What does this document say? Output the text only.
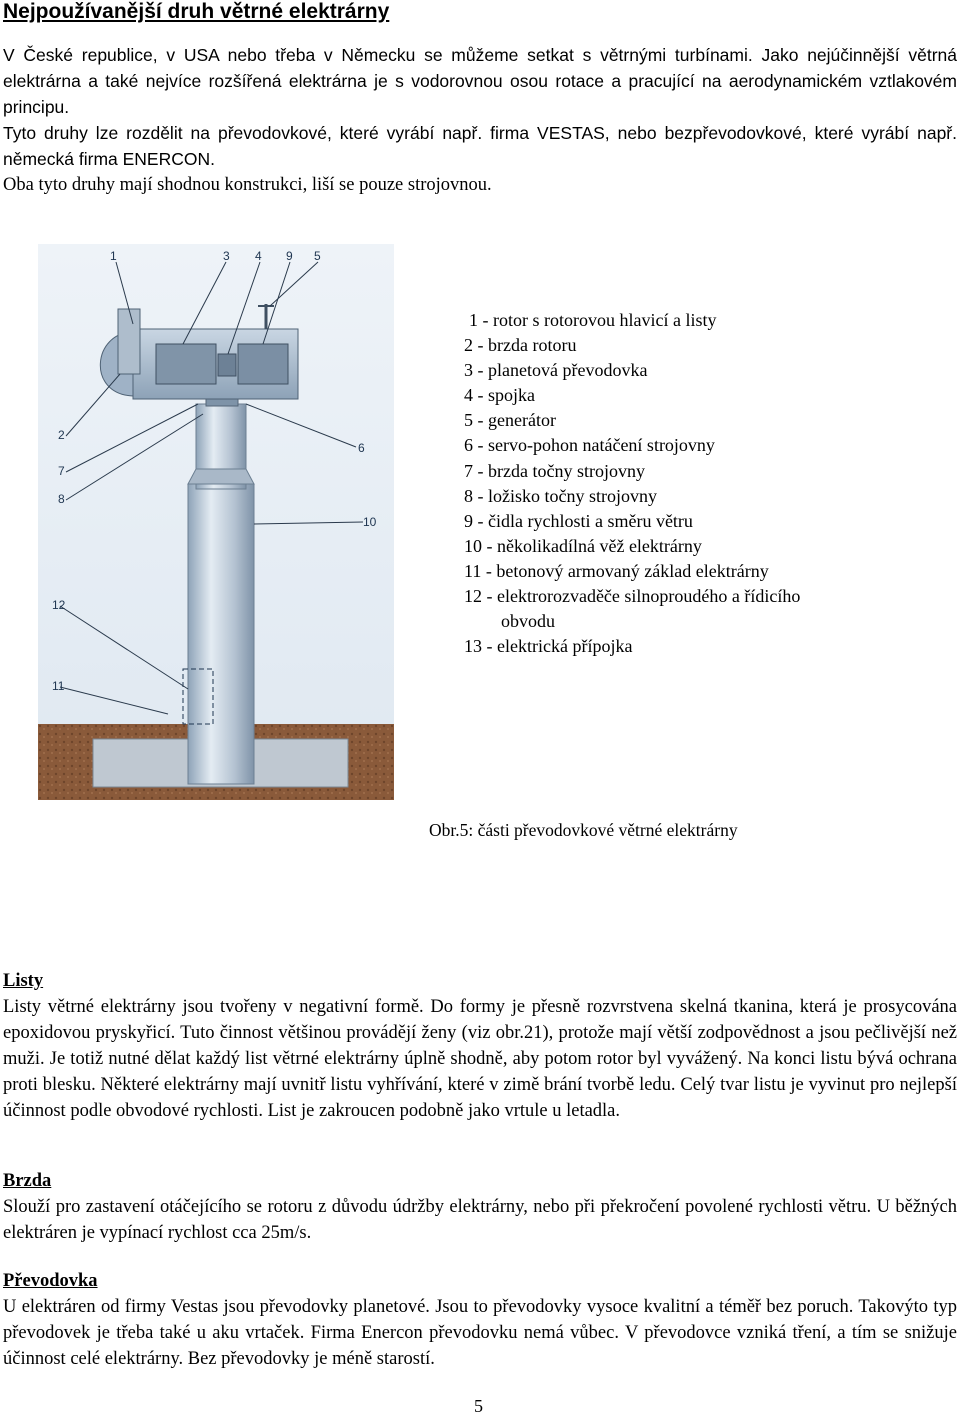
Nejpoužívanější druh větrné elektrárny

V České republice, v USA nebo třeba v Německu se můžeme setkat s větrnými turbínami. Jako nejúčinnější větrná elektrárna a také nejvíce rozšířená elektrárna je s vodorovnou osou rotace a pracující na aerodynamickém vztlakovém principu.

Tyto druhy lze rozdělit na převodovkové, které vyrábí např. firma VESTAS, nebo bezpřevodovkové, které vyrábí např. německá firma ENERCON.

Oba tyto druhy mají shodnou konstrukci, liší se pouze strojovnou.

1	3 4 9 5
2
6
7
8
10
12
11
1 - rotor s rotorovou hlavicí a listy
2 - brzda rotoru
3 - planetová převodovka
4 - spojka
5 - generátor
6 - servo-pohon natáčení strojovny
7 - brzda točny strojovny
8 - ložisko točny strojovny
9 - čidla rychlosti a směru větru
10 - několikadílná věž elektrárny
11 - betonový armovaný základ elektrárny
12 - elektrorozvaděče silnoproudého a řídicího
obvodu
13 - elektrická přípojka
Obr.5: části převodovkové větrné elektrárny
Listy

Listy větrné elektrárny jsou tvořeny v negativní formě. Do formy je přesně rozvrstvena skelná tkanina, která je prosycována epoxidovou pryskyřicí. Tuto činnost většinou provádějí ženy (viz obr.21), protože mají větší zodpovědnost a jsou pečlivější než muži. Je totiž nutné dělat každý list větrné elektrárny úplně shodně, aby potom rotor byl vyvážený. Na konci listu bývá ochrana proti blesku. Některé elektrárny mají uvnitř listu vyhřívání, které v zimě brání tvorbě ledu. Celý tvar listu je vyvinut pro nejlepší účinnost podle obvodové rychlosti. List je zakroucen podobně jako vrtule u letadla.

Brzda

Slouží pro zastavení otáčejícího se rotoru z důvodu údržby elektrárny, nebo při překročení povolené rychlosti větru. U běžných elektráren je vypínací rychlost cca 25m/s.

Převodovka

U elektráren od firmy Vestas jsou převodovky planetové. Jsou to převodovky vysoce kvalitní a téměř bez poruch. Takovýto typ převodovek je třeba také u aku vrtaček. Firma Enercon převodovku nemá vůbec. V převodovce vzniká tření, a tím se snižuje účinnost celé elektrárny. Bez převodovky je méně starostí.

5
